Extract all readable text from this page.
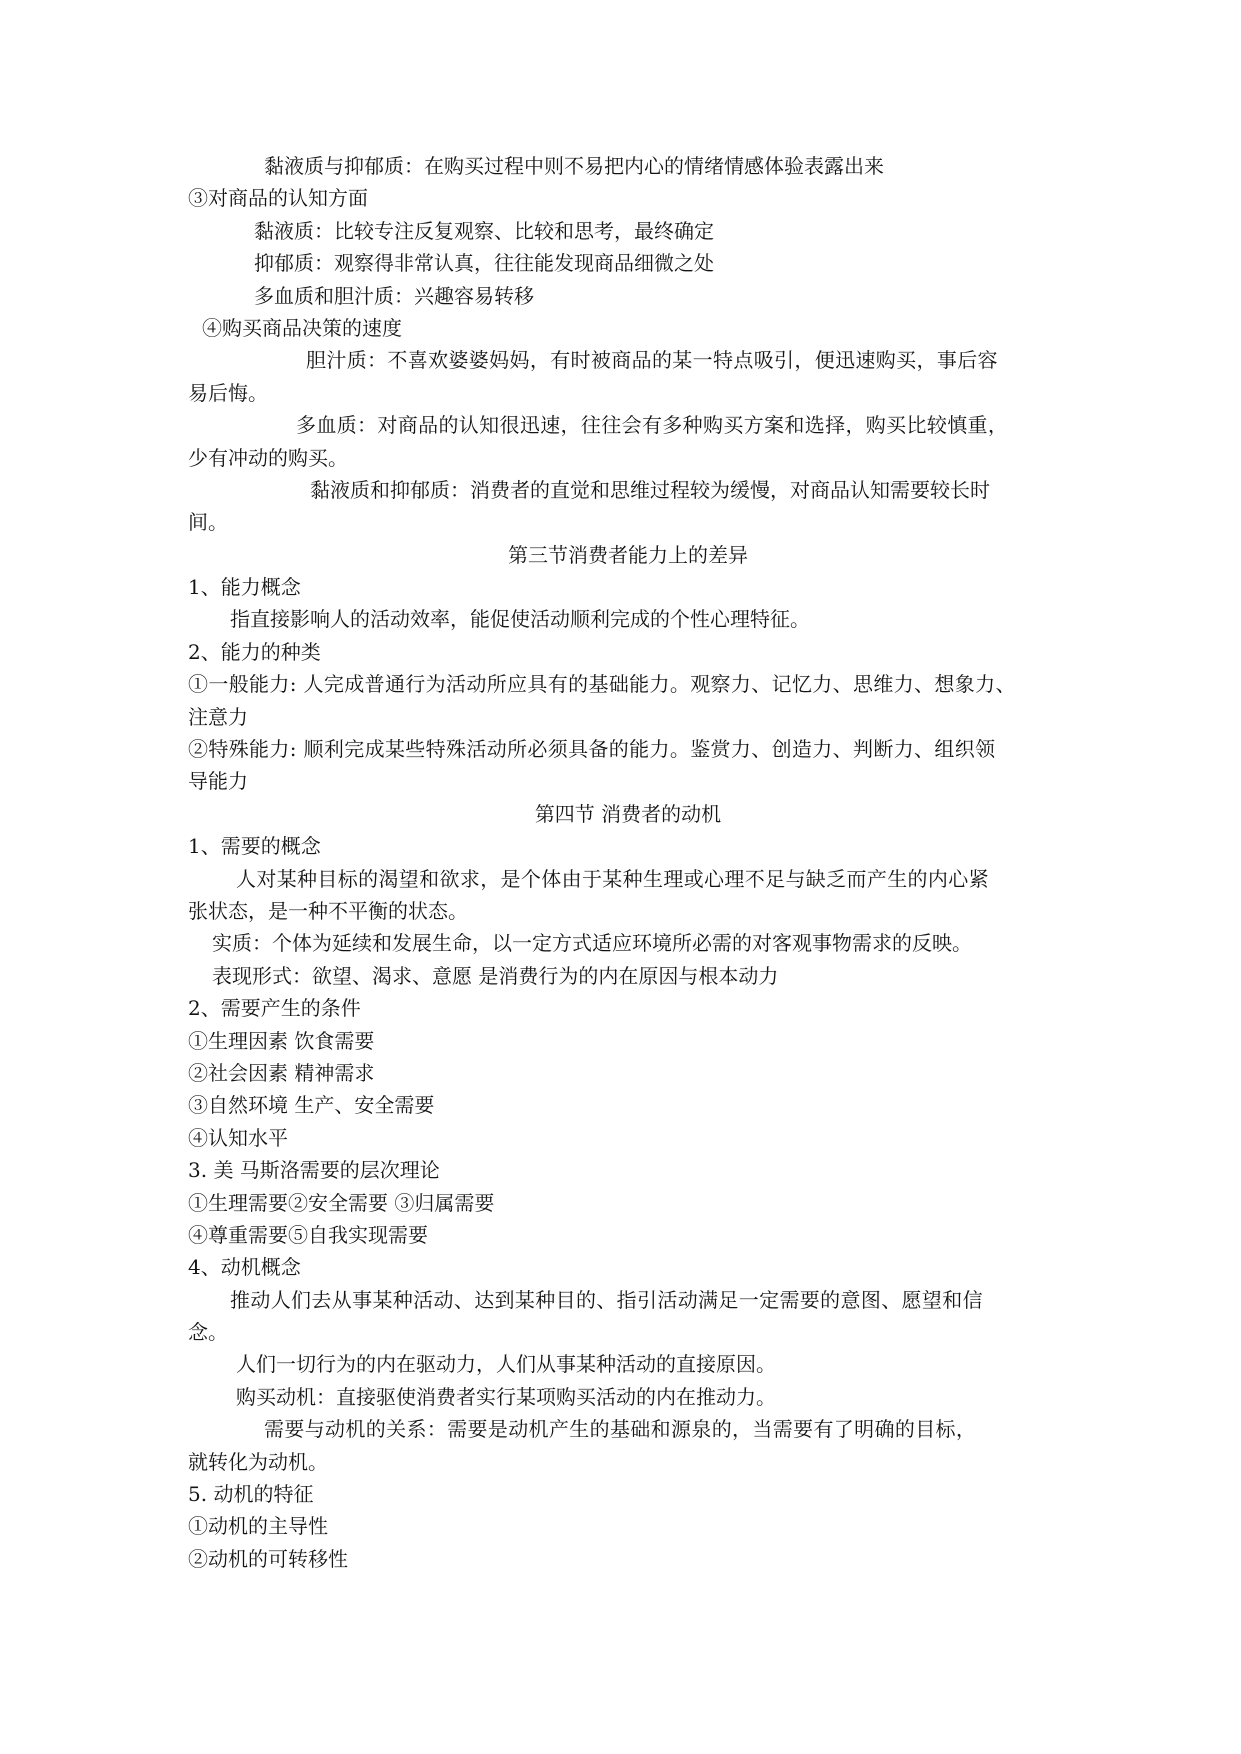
黏液质与抑郁质：在购买过程中则不易把内心的情绪情感体验表露出来
③对商品的认知方面
黏液质：比较专注反复观察、比较和思考，最终确定
抑郁质：观察得非常认真，往往能发现商品细微之处
多血质和胆汁质：兴趣容易转移
④购买商品决策的速度
胆汁质：不喜欢婆婆妈妈，有时被商品的某一特点吸引，便迅速购买，事后容
易后悔。
多血质：对商品的认知很迅速，往往会有多种购买方案和选择，购买比较慎重，
少有冲动的购买。
黏液质和抑郁质：消费者的直觉和思维过程较为缓慢，对商品认知需要较长时
间。
第三节消费者能力上的差异
1、能力概念
指直接影响人的活动效率，能促使活动顺利完成的个性心理特征。
2、能力的种类
①一般能力: 人完成普通行为活动所应具有的基础能力。观察力、记忆力、思维力、想象力、
注意力
②特殊能力: 顺利完成某些特殊活动所必须具备的能力。鉴赏力、创造力、判断力、组织领
导能力
第四节 消费者的动机
1、需要的概念
人对某种目标的渴望和欲求，是个体由于某种生理或心理不足与缺乏而产生的内心紧
张状态，是一种不平衡的状态。
实质：个体为延续和发展生命，以一定方式适应环境所必需的对客观事物需求的反映。
表现形式：欲望、渴求、意愿 是消费行为的内在原因与根本动力
2、需要产生的条件
①生理因素 饮食需要
②社会因素 精神需求
③自然环境 生产、安全需要
④认知水平
3. 美 马斯洛需要的层次理论
①生理需要②安全需要 ③归属需要
④尊重需要⑤自我实现需要
4、动机概念
推动人们去从事某种活动、达到某种目的、指引活动满足一定需要的意图、愿望和信
念。
人们一切行为的内在驱动力，人们从事某种活动的直接原因。
购买动机：直接驱使消费者实行某项购买活动的内在推动力。
需要与动机的关系：需要是动机产生的基础和源泉的，当需要有了明确的目标，
就转化为动机。
5. 动机的特征
①动机的主导性
②动机的可转移性
